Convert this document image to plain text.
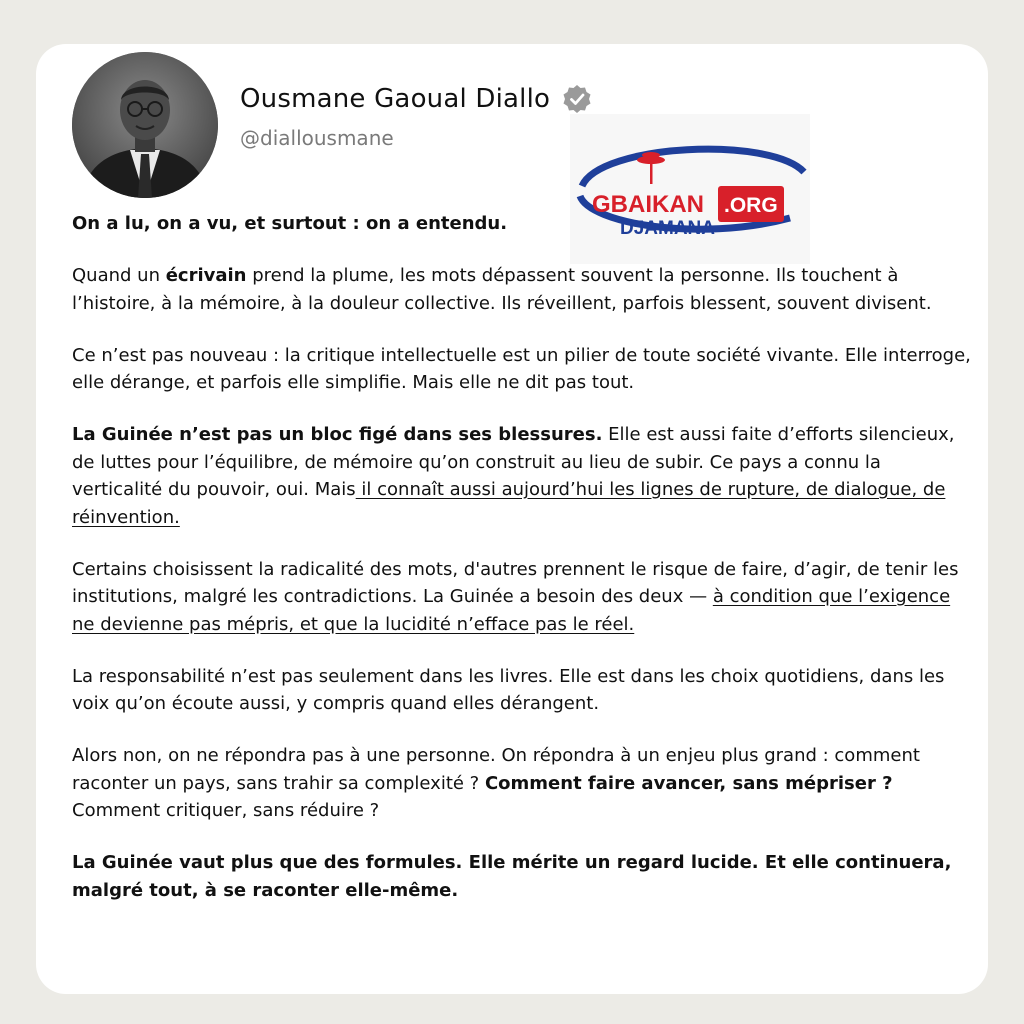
Ousmane Gaoual Diallo
@diallousmane
GBAIKAN
DJAMANA
.ORG

On a lu, on a vu, et surtout : on a entendu.

Quand un écrivain prend la plume, les mots dépassent souvent la personne. Ils touchent à l’histoire, à la mémoire, à la douleur collective. Ils réveillent, parfois blessent, souvent divisent.

Ce n’est pas nouveau : la critique intellectuelle est un pilier de toute société vivante. Elle interroge, elle dérange, et parfois elle simplifie. Mais elle ne dit pas tout.

La Guinée n’est pas un bloc figé dans ses blessures. Elle est aussi faite d’efforts silencieux, de luttes pour l’équilibre, de mémoire qu’on construit au lieu de subir. Ce pays a connu la verticalité du pouvoir, oui. Mais il connaît aussi aujourd’hui les lignes de rupture, de dialogue, de réinvention.

Certains choisissent la radicalité des mots, d'autres prennent le risque de faire, d’agir, de tenir les institutions, malgré les contradictions. La Guinée a besoin des deux — à condition que l’exigence ne devienne pas mépris, et que la lucidité n’efface pas le réel.

La responsabilité n’est pas seulement dans les livres. Elle est dans les choix quotidiens, dans les voix qu’on écoute aussi, y compris quand elles dérangent.

Alors non, on ne répondra pas à une personne. On répondra à un enjeu plus grand : comment raconter un pays, sans trahir sa complexité ? Comment faire avancer, sans mépriser ? Comment critiquer, sans réduire ?

La Guinée vaut plus que des formules. Elle mérite un regard lucide. Et elle continuera, malgré tout, à se raconter elle-même.
